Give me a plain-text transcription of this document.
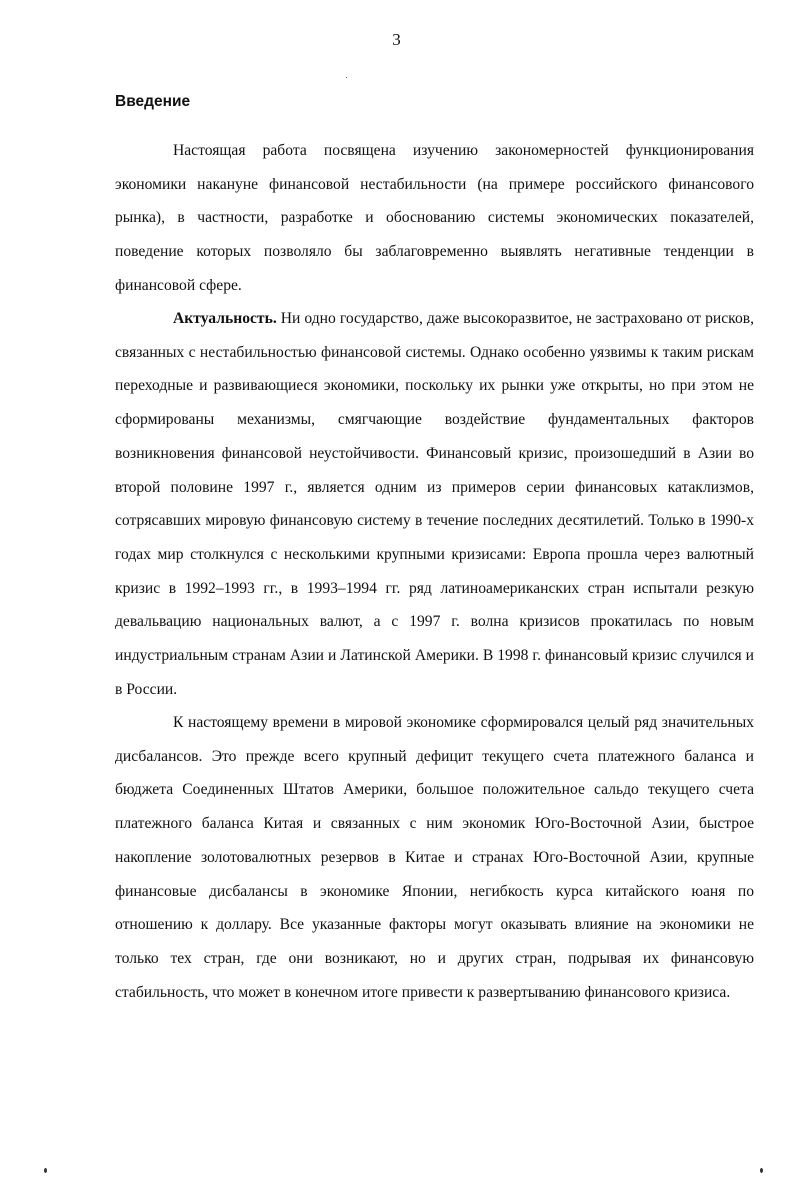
3
Введение

Настоящая работа посвящена изучению закономерностей функционирования экономики накануне финансовой нестабильности (на примере российского финансового рынка), в частности, разработке и обоснованию системы экономических показателей, поведение которых позволяло бы заблаговременно выявлять негативные тенденции в финансовой сфере.

Актуальность. Ни одно государство, даже высокоразвитое, не застраховано от рисков, связанных с нестабильностью финансовой системы. Однако особенно уязвимы к таким рискам переходные и развивающиеся экономики, поскольку их рынки уже открыты, но при этом не сформированы механизмы, смягчающие воздействие фундаментальных факторов возникновения финансовой неустойчивости. Финансовый кризис, произошедший в Азии во второй половине 1997 г., является одним из примеров серии финансовых катаклизмов, сотрясавших мировую финансовую систему в течение последних десятилетий. Только в 1990-х годах мир столкнулся с несколькими крупными кризисами: Европа прошла через валютный кризис в 1992–1993 гг., в 1993–1994 гг. ряд латиноамериканских стран испытали резкую девальвацию национальных валют, а с 1997 г. волна кризисов прокатилась по новым индустриальным странам Азии и Латинской Америки. В 1998 г. финансовый кризис случился и в России.

К настоящему времени в мировой экономике сформировался целый ряд значительных дисбалансов. Это прежде всего крупный дефицит текущего счета платежного баланса и бюджета Соединенных Штатов Америки, большое положительное сальдо текущего счета платежного баланса Китая и связанных с ним экономик Юго-Восточной Азии, быстрое накопление золотовалютных резервов в Китае и странах Юго-Восточной Азии, крупные финансовые дисбалансы в экономике Японии, негибкость курса китайского юаня по отношению к доллару. Все указанные факторы могут оказывать влияние на экономики не только тех стран, где они возникают, но и других стран, подрывая их финансовую стабильность, что может в конечном итоге привести к развертыванию финансового кризиса.
